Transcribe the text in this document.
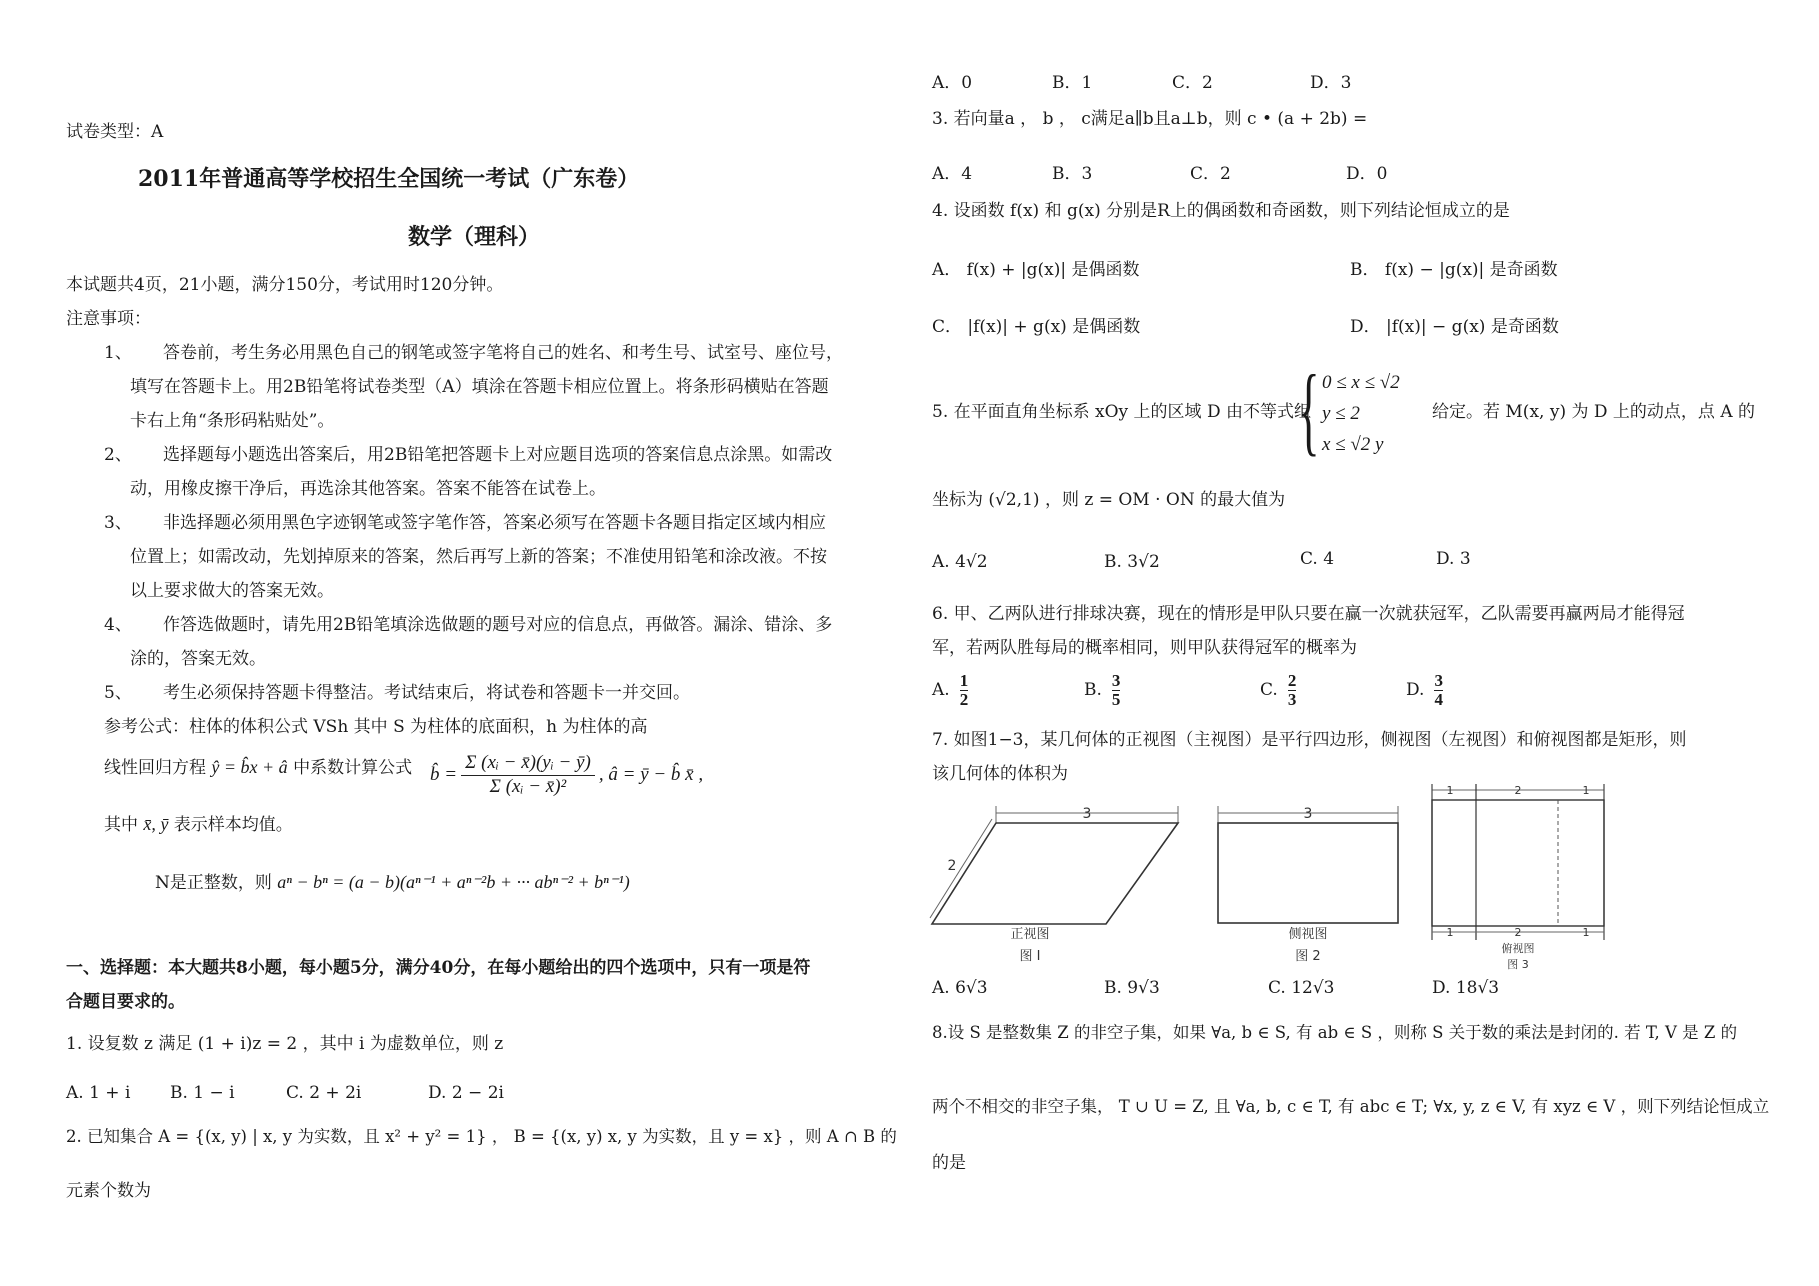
试卷类型：A
2011年普通高等学校招生全国统一考试（广东卷）
数学（理科）
本试题共4页，21小题，满分150分，考试用时120分钟。
注意事项：
1、 答卷前，考生务必用黑色自己的钢笔或签字笔将自己的姓名、和考生号、试室号、座位号，
填写在答题卡上。用2B铅笔将试卷类型（A）填涂在答题卡相应位置上。将条形码横贴在答题
卡右上角“条形码粘贴处”。
2、 选择题每小题选出答案后，用2B铅笔把答题卡上对应题目选项的答案信息点涂黑。如需改
动，用橡皮擦干净后，再选涂其他答案。答案不能答在试卷上。
3、 非选择题必须用黑色字迹钢笔或签字笔作答，答案必须写在答题卡各题目指定区域内相应
位置上；如需改动，先划掉原来的答案，然后再写上新的答案；不准使用铅笔和涂改液。不按
以上要求做大的答案无效。
4、 作答选做题时，请先用2B铅笔填涂选做题的题号对应的信息点，再做答。漏涂、错涂、多
涂的，答案无效。
5、 考生必须保持答题卡得整洁。考试结束后，将试卷和答题卡一并交回。
参考公式：柱体的体积公式 VSh 其中 S 为柱体的底面积，h 为柱体的高
线性回归方程 ŷ = b̂x + â 中系数计算公式 b̂ =
Σ (xᵢ − x̄)(yᵢ − ȳ)
Σ (xᵢ − x̄)²
, â = ȳ − b̂ x̄ ,
其中 x̄, ȳ 表示样本均值。
N是正整数，则 aⁿ − bⁿ = (a − b)(aⁿ⁻¹ + aⁿ⁻²b + ··· abⁿ⁻² + bⁿ⁻¹)
一、选择题：本大题共8小题，每小题5分，满分40分，在每小题给出的四个选项中，只有一项是符
合题目要求的。
1. 设复数 z 满足 (1 + i)z = 2 ，其中 i 为虚数单位，则 z
A. 1 + i B. 1 − i	C. 2 + 2i	D. 2 − 2i
2. 已知集合 A = {(x, y) | x, y 为实数，且 x² + y² = 1} ， B = {(x, y) x, y 为实数，且 y = x} ，则 A ∩ B 的
元素个数为
A．0	B．1	C．2	D．3
3. 若向量a ， b ， c满足a∥b且a⊥b，则 c • (a + 2b) =
A．4	B．3	C．2	D．0
4. 设函数 f(x) 和 g(x) 分别是R上的偶函数和奇函数，则下列结论恒成立的是
A． f(x) + |g(x)| 是偶函数	B． f(x) − |g(x)| 是奇函数
C． |f(x)| + g(x) 是偶函数	D． |f(x)| − g(x) 是奇函数
5. 在平面直角坐标系 xOy 上的区域 D 由不等式组
{ 0 ≤ x ≤ √2
y ≤ 2
x ≤ √2 y
给定。若 M(x, y) 为 D 上的动点，点 A 的
坐标为 (√2,1) ，则 z = OM · ON 的最大值为
A. 4√2	B. 3√2	C. 4	D. 3
6. 甲、乙两队进行排球决赛，现在的情形是甲队只要在赢一次就获冠军，乙队需要再赢两局才能得冠
军，若两队胜每局的概率相同，则甲队获得冠军的概率为
A. $\frac{1}{2}$	B. $\frac{3}{5}$	C. $\frac{2}{3}$	D. $\frac{3}{4}$
7. 如图1−3，某几何体的正视图（主视图）是平行四边形，侧视图（左视图）和俯视图都是矩形，则
该几何体的体积为
3
2
正视图
图 I
3
侧视图
图 2
1	2	1
1	2	1
俯视图
图 3
A. 6√3	B. 9√3	C. 12√3	D. 18√3
8.设 S 是整数集 Z 的非空子集，如果 ∀a, b ∈ S, 有 ab ∈ S ，则称 S 关于数的乘法是封闭的. 若 T, V 是 Z 的
两个不相交的非空子集， T ∪ U = Z, 且 ∀a, b, c ∈ T, 有 abc ∈ T; ∀x, y, z ∈ V, 有 xyz ∈ V ，则下列结论恒成立
的是
